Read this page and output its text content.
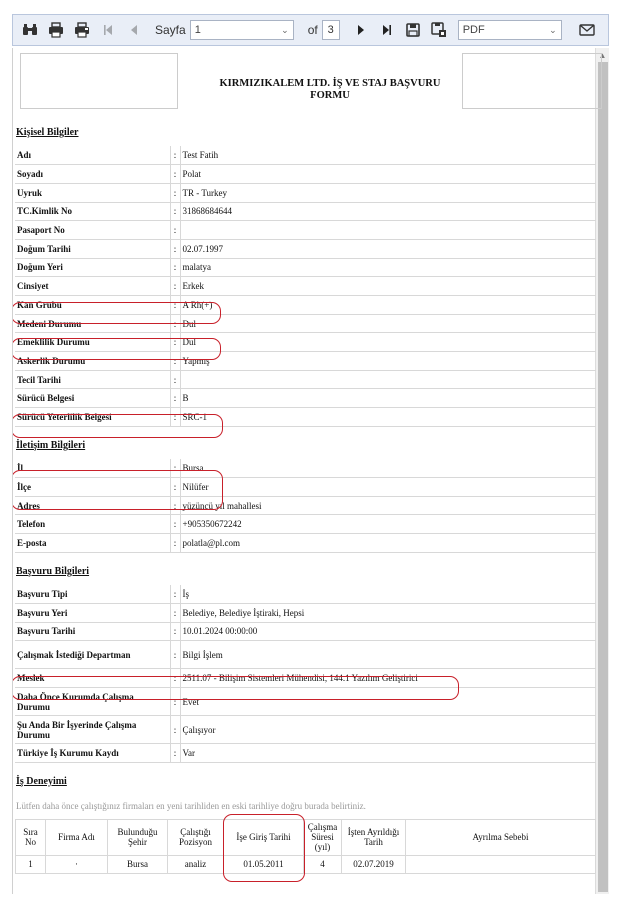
Sayfa 1	⌄ of 3	PDF	⌄
▲
KIRMIZIKALEM LTD. İŞ VE STAJ BAŞVURU FORMU
Kişisel Bilgiler
Adı	:	Test Fatih
Soyadı	:	Polat
Uyruk	:	TR - Turkey
TC.Kimlik No	:	31868684644
Pasaport No	:	
Doğum Tarihi	:	02.07.1997
Doğum Yeri	:	malatya
Cinsiyet	:	Erkek
Kan Grubu	:	A Rh(+)
Medeni Durumu	:	Dul
Emeklilik Durumu	:	Dul
Askerlik Durumu	:	Yapmış
Tecil Tarihi	:	
Sürücü Belgesi	:	B
Sürücü Yeterlilik Belgesi	:	SRC-1
İletişim Bilgileri
İl	:	Bursa
İlçe	:	Nilüfer
Adres	:	yüzüncü yıl mahallesi
Telefon	:	+905350672242
E-posta	:	polatla@pl.com
Başvuru Bilgileri
Başvuru Tipi	:	İş
Başvuru Yeri	:	Belediye, Belediye İştiraki, Hepsi
Başvuru Tarihi	:	10.01.2024 00:00:00
Çalışmak İstediği Departman	:	Bilgi İşlem
Meslek	:	2511.07 - Bilişim Sistemleri Mühendisi, 144.1 Yazılım Geliştirici
Daha Önce Kurumda Çalışma Durumu	:	Evet
Şu Anda Bir İşyerinde Çalışma Durumu	:	Çalışıyor
Türkiye İş Kurumu Kaydı	:	Var
İş Deneyimi
Lütfen daha önce çalıştığınız firmaları en yeni tarihliden en eski tarihliye doğru burada belirtiniz.
Sıra No	Firma Adı	Bulunduğu Şehir	Çalıştığı Pozisyon	İşe Giriş Tarihi	Çalışma Süresi (yıl)	İşten Ayrıldığı Tarih	Ayrılma Sebebi
1	·	Bursa	analiz	01.05.2011	4	02.07.2019	
